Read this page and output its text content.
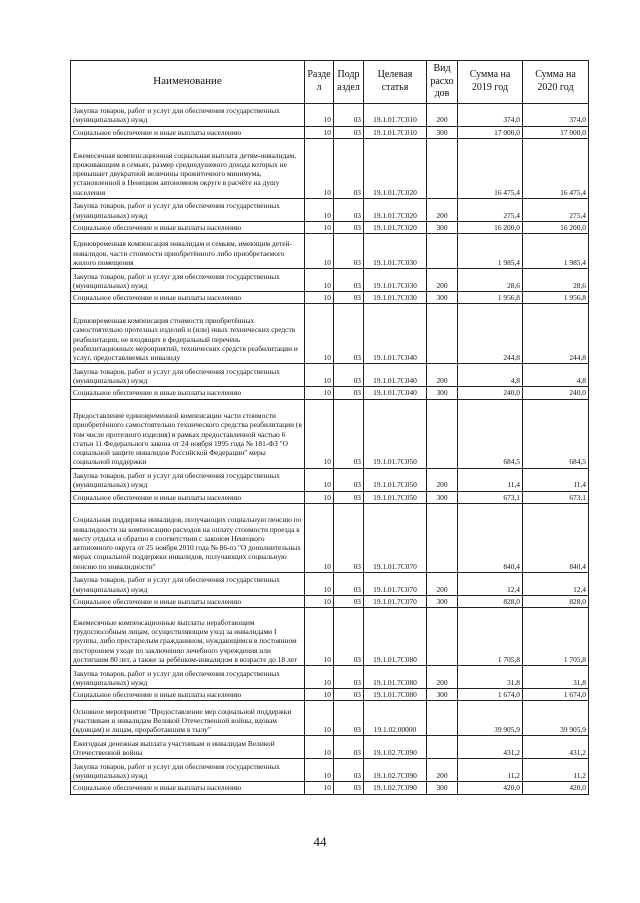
Наименование	Разде л	Подр аздел	Целевая статья	Вид расхо дов	Сумма на 2019 год	Сумма на 2020 год
Закупка товаров, работ и услуг для обеспечения государственных (муниципальных) нужд	10	03	19.1.01.7С010	200	374,0	374,0
Социальное обеспечение и иные выплаты населению	10	03	19.1.01.7С010	300	17 000,0	17 000,0
Ежемесячная компенсационная социальная выплата детям-инвалидам, проживающим в семьях, размер среднедушевого дохода которых не превышает двукратной величины прожиточного минимума, установленной в Ненецком автономном округе в расчёте на душу населения	10	03	19.1.01.7С020		16 475,4	16 475,4
Закупка товаров, работ и услуг для обеспечения государственных (муниципальных) нужд	10	03	19.1.01.7С020	200	275,4	275,4
Социальное обеспечение и иные выплаты населению	10	03	19.1.01.7С020	300	16 200,0	16 200,0
Единовременная компенсация инвалидам и семьям, имеющим детей-инвалидов, части стоимости приобретённого либо приобретаемого жилого помещения	10	03	19.1.01.7С030		1 985,4	1 985,4
Закупка товаров, работ и услуг для обеспечения государственных (муниципальных) нужд	10	03	19.1.01.7С030	200	28,6	28,6
Социальное обеспечение и иные выплаты населению	10	03	19.1.01.7С030	300	1 956,8	1 956,8
Единовременная компенсация стоимости приобретённых самостоятельно протезных изделий и (или) иных технических средств реабилитации, не входящих в федеральный перечень реабилитационных мероприятий, технических средств реабилитации и услуг, предоставляемых инвалиду	10	03	19.1.01.7С040		244,8	244,8
Закупка товаров, работ и услуг для обеспечения государственных (муниципальных) нужд	10	03	19.1.01.7С040	200	4,8	4,8
Социальное обеспечение и иные выплаты населению	10	03	19.1.01.7С040	300	240,0	240,0
Предоставление единовременной компенсации части стоимости приобретённого самостоятельно технического средства реабилитации (в том числе протезного изделия) в рамках предоставленной частью 6 статьи 11 Федерального закона от 24 ноября 1995 года № 181-ФЗ "О социальной защите инвалидов Российской Федерации" меры социальной поддержки	10	03	19.1.01.7С050		684,5	684,5
Закупка товаров, работ и услуг для обеспечения государственных (муниципальных) нужд	10	03	19.1.01.7С050	200	11,4	11,4
Социальное обеспечение и иные выплаты населению	10	03	19.1.01.7С050	300	673,1	673,1
Социальная поддержка инвалидов, получающих социальную пенсию по инвалидности на компенсацию расходов на оплату стоимости проезда к месту отдыха и обратно в соответствии с законом Ненецкого автономного округа от 25 ноября 2010 года № 86-оз "О дополнительных мерах социальной поддержки инвалидов, получающих социальную пенсию по инвалидности"	10	03	19.1.01.7С070		840,4	840,4
Закупка товаров, работ и услуг для обеспечения государственных (муниципальных) нужд	10	03	19.1.01.7С070	200	12,4	12,4
Социальное обеспечение и иные выплаты населению	10	03	19.1.01.7С070	300	828,0	828,0
Ежемесячные компенсационные выплаты неработающим трудоспособным лицам, осуществляющим уход за инвалидами I группы, либо престарелым гражданином, нуждающимся в постоянном постороннем уходе по заключению лечебного учреждения или достигшим 80 лет, а также за ребёнком-инвалидом в возрасте до 18 лет	10	03	19.1.01.7С080		1 705,8	1 705,8
Закупка товаров, работ и услуг для обеспечения государственных (муниципальных) нужд	10	03	19.1.01.7С080	200	31,8	31,8
Социальное обеспечение и иные выплаты населению	10	03	19.1.01.7С080	300	1 674,0	1 674,0
Основное мероприятие "Предоставление мер социальной поддержки участникам и инвалидам Великой Отечественной войны, вдовам (вдовцам) и лицам, проработавшим в тылу"	10	03	19.1.02.00000		39 905,9	39 905,9
Ежегодная денежная выплата участникам и инвалидам Великой Отечественной войны	10	03	19.1.02.7С090		431,2	431,2
Закупка товаров, работ и услуг для обеспечения государственных (муниципальных) нужд	10	03	19.1.02.7С090	200	11,2	11,2
Социальное обеспечение и иные выплаты населению	10	03	19.1.02.7С090	300	420,0	420,0
44
